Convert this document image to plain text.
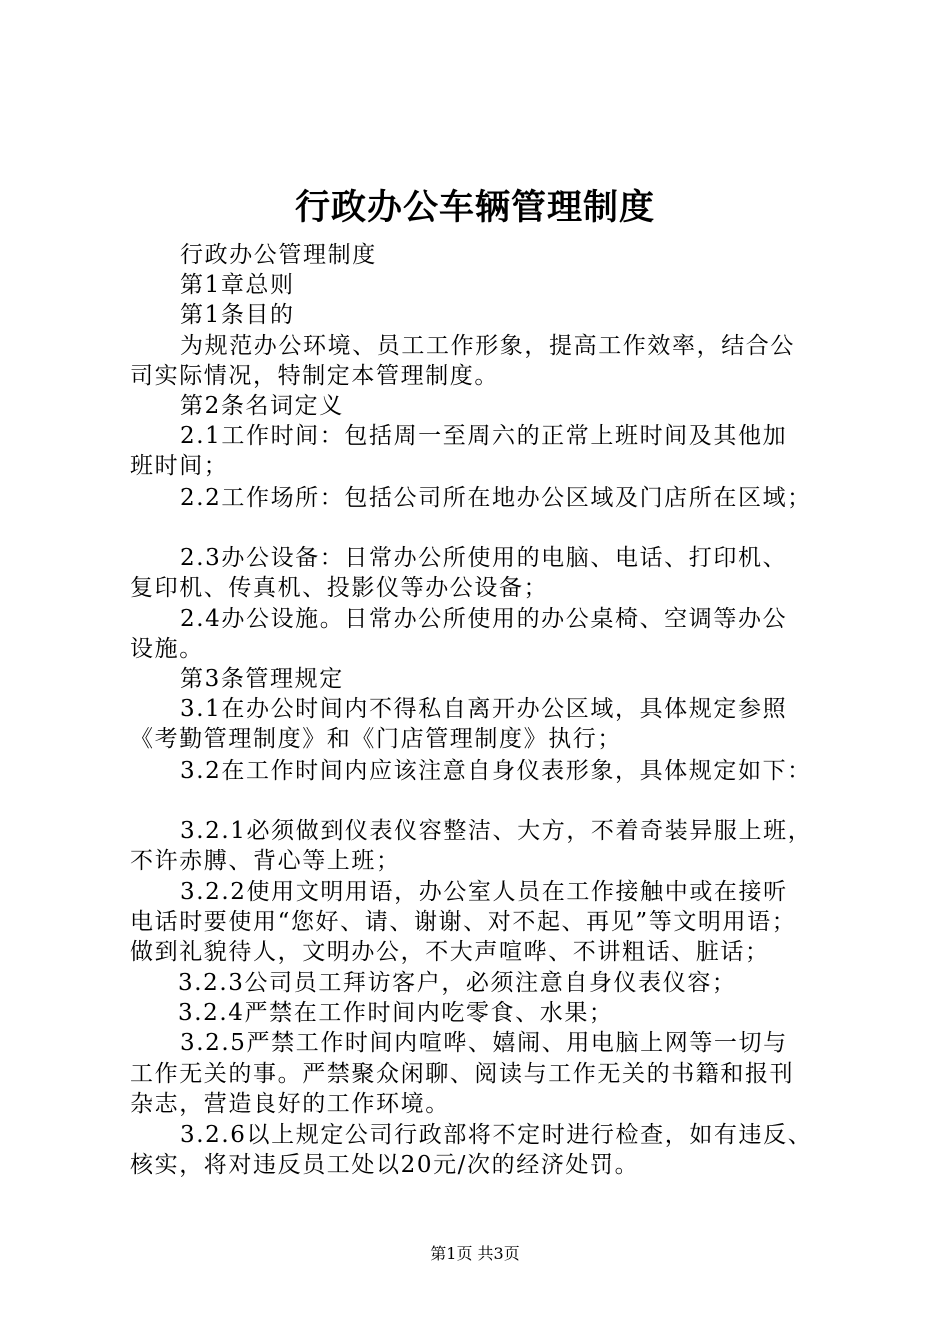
行政办公车辆管理制度
行政办公管理制度
第1章总则
第1条目的
为规范办公环境、员工工作形象，提高工作效率，结合公
司实际情况，特制定本管理制度。
第2条名词定义
2.1工作时间：包括周一至周六的正常上班时间及其他加
班时间；
2.2工作场所：包括公司所在地办公区域及门店所在区域；
2.3办公设备：日常办公所使用的电脑、电话、打印机、
复印机、传真机、投影仪等办公设备；
2.4办公设施。日常办公所使用的办公桌椅、空调等办公
设施。
第3条管理规定
3.1在办公时间内不得私自离开办公区域，具体规定参照
《考勤管理制度》和《门店管理制度》执行；
3.2在工作时间内应该注意自身仪表形象，具体规定如下：
3.2.1必须做到仪表仪容整洁、大方，不着奇装异服上班，
不许赤膊、背心等上班；
3.2.2使用文明用语，办公室人员在工作接触中或在接听
电话时要使用“您好、请、谢谢、对不起、再见”等文明用语；
做到礼貌待人，文明办公，不大声喧哗、不讲粗话、脏话；
3.2.3公司员工拜访客户，必须注意自身仪表仪容；
3.2.4严禁在工作时间内吃零食、水果；
3.2.5严禁工作时间内喧哗、嬉闹、用电脑上网等一切与
工作无关的事。严禁聚众闲聊、阅读与工作无关的书籍和报刊
杂志，营造良好的工作环境。
3.2.6以上规定公司行政部将不定时进行检查，如有违反、
核实，将对违反员工处以20元/次的经济处罚。
第1页 共3页
